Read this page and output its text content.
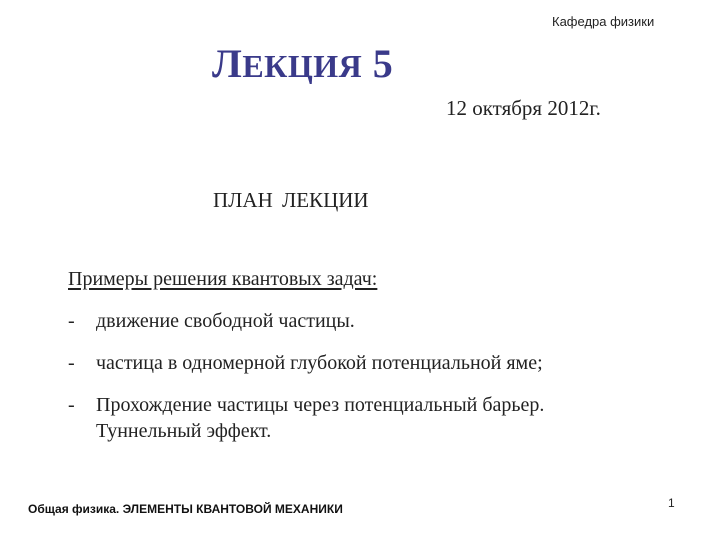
Кафедра физики
ЛЕКЦИЯ 5
12 октября 2012г.
ПЛАН ЛЕКЦИИ
Примеры решения квантовых задач:
-	движение свободной частицы.
-	частица в одномерной глубокой потенциальной яме;
-	Прохождение частицы через потенциальный барьер.
Туннельный эффект.
Общая физика. ЭЛЕМЕНТЫ КВАНТОВОЙ МЕХАНИКИ	1
